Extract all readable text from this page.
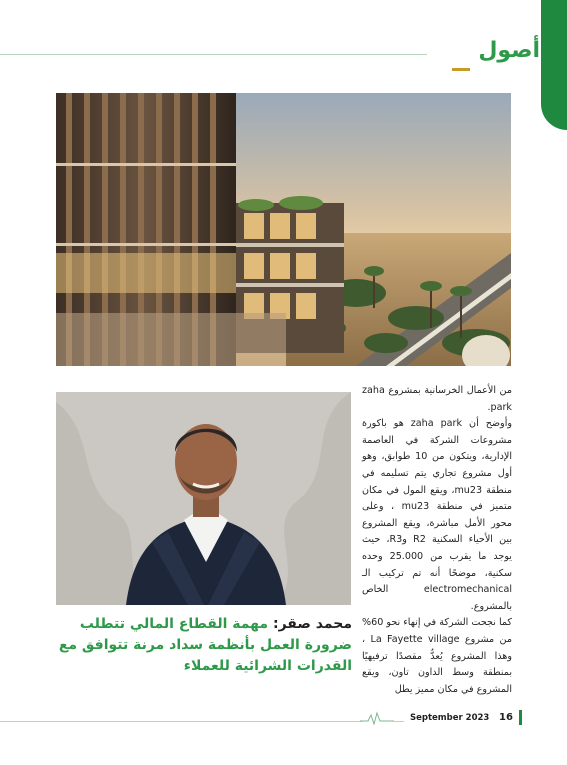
أصول

من الأعمال الخرسانية بمشروع zaha park.

وأوضح أن zaha park هو باكورة مشروعات الشركة في العاصمة الإدارية، ويتكون من 10 طوابق، وهو أول مشروع تجاري يتم تسليمه في منطقة mu23، ويقع المول في مكان متميز في منطقة mu23 ، وعلى محور الأمل مباشرة، ويقع المشروع بين الأحياء السكنية R2 وR3، حيث يوجد ما يقرب من 25.000 وحده سكنية، موضحًا أنه تم تركيب الـ electromechanical الخاص بالمشروع.

كما نجحت الشركة في إنهاء نحو 60% من مشروع La Fayette village ، وهذا المشروع يُعدُّ مقصدًا ترفيهيًا بمنطقة وسط الداون تاون، ويقع المشروع في مكان مميز يطل

محمد صقر: مهمة القطاع المالي تتطلب ضرورة العمل بأنظمة سداد مرنة تتوافق مع القدرات الشرائية للعملاء
September 2023 16
